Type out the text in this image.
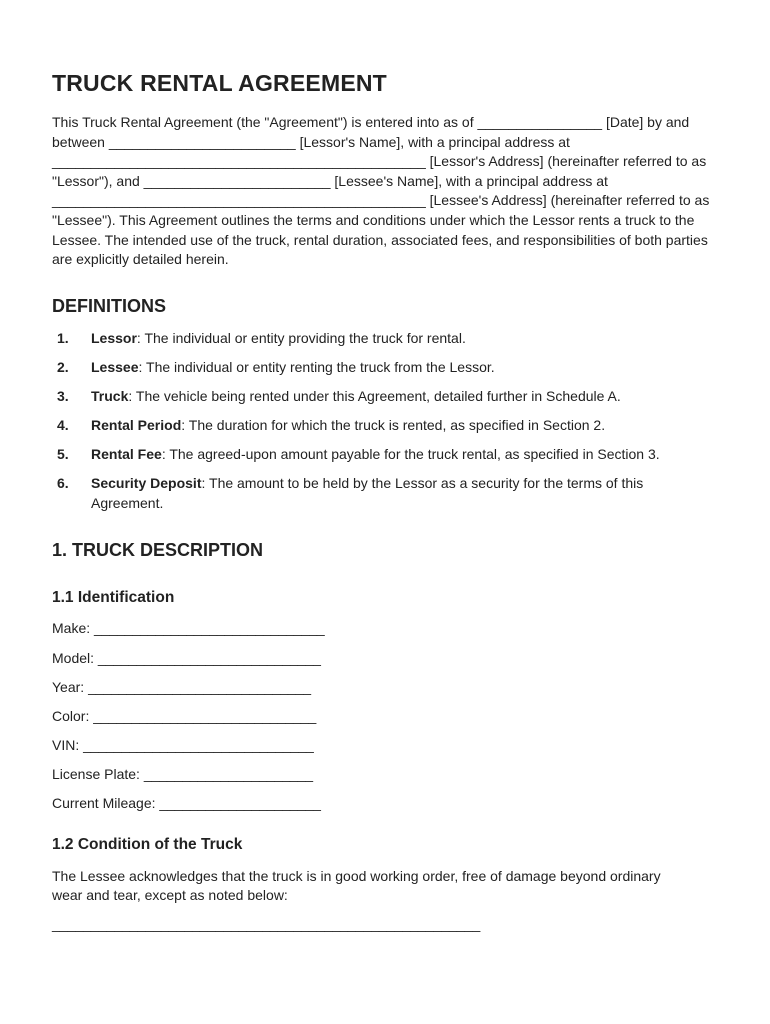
TRUCK RENTAL AGREEMENT

This Truck Rental Agreement (the "Agreement") is entered into as of ________________ [Date] by and between ________________________ [Lessor's Name], with a principal address at ________________________________________________ [Lessor's Address] (hereinafter referred to as "Lessor"), and ________________________ [Lessee's Name], with a principal address at ________________________________________________ [Lessee's Address] (hereinafter referred to as "Lessee"). This Agreement outlines the terms and conditions under which the Lessor rents a truck to the Lessee. The intended use of the truck, rental duration, associated fees, and responsibilities of both parties are explicitly detailed herein.

DEFINITIONS
1.	Lessor: The individual or entity providing the truck for rental.
2.	Lessee: The individual or entity renting the truck from the Lessor.
3.	Truck: The vehicle being rented under this Agreement, detailed further in Schedule A.
4.	Rental Period: The duration for which the truck is rented, as specified in Section 2.
5.	Rental Fee: The agreed-upon amount payable for the truck rental, as specified in Section 3.
6.	Security Deposit: The amount to be held by the Lessor as a security for the terms of this Agreement.
1. TRUCK DESCRIPTION
1.1 Identification
Make: ______________________________
Model: _____________________________
Year: _____________________________
Color: _____________________________
VIN: ______________________________
License Plate: ______________________
Current Mileage: _____________________
1.2 Condition of the Truck

The Lessee acknowledges that the truck is in good working order, free of damage beyond ordinary wear and tear, except as noted below:

_______________________________________________________
